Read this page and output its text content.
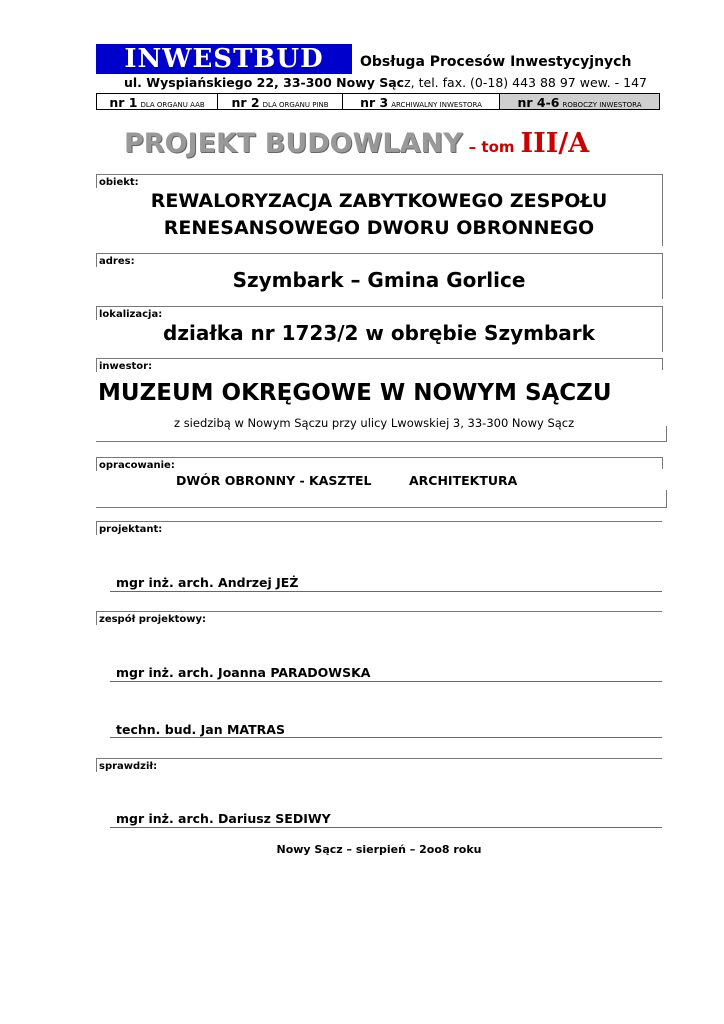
INWESTBUD	Obsługa Procesów Inwestycyjnych
ul. Wyspiańskiego 22, 33-300 Nowy Sącz, tel. fax. (0-18) 443 88 97 wew. - 147
nr 1 DLA ORGANU AAB nr 2 DLA ORGANU PINB	nr 3 ARCHIWALNY INWESTORA	nr 4-6 ROBOCZY INWESTORA
PROJEKT BUDOWLANY – tom III/A
obiekt:
REWALORYZACJA ZABYTKOWEGO ZESPOŁU
RENESANSOWEGO DWORU OBRONNEGO
adres:
Szymbark – Gmina Gorlice
lokalizacja:
działka nr 1723/2 w obrębie Szymbark
inwestor:
MUZEUM OKRĘGOWE W NOWYM SĄCZU
z siedzibą w Nowym Sączu przy ulicy Lwowskiej 3, 33-300 Nowy Sącz
opracowanie:
DWÓR OBRONNY - KASZTEL	ARCHITEKTURA
projektant:
mgr inż. arch. Andrzej JEŻ
zespół projektowy:
mgr inż. arch. Joanna PARADOWSKA
techn. bud. Jan MATRAS
sprawdził:
mgr inż. arch. Dariusz SEDIWY
Nowy Sącz – sierpień – 2oo8 roku
